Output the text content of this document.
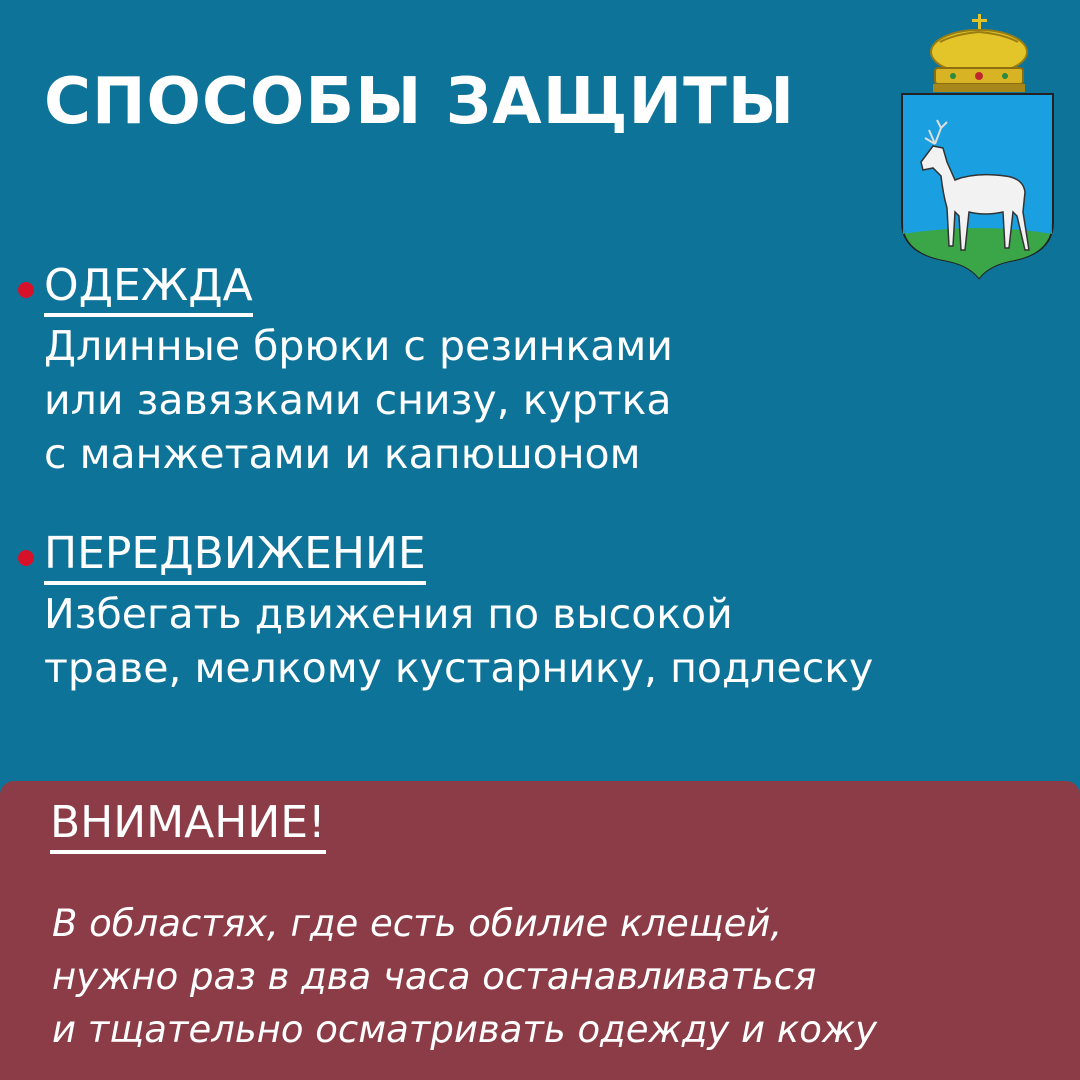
СПОСОБЫ ЗАЩИТЫ
ОДЕЖДА
Длинные брюки с резинками
или завязками снизу, куртка
с манжетами и капюшоном
ПЕРЕДВИЖЕНИЕ
Избегать движения по высокой
траве, мелкому кустарнику, подлеску
ВНИМАНИЕ!
В областях, где есть обилие клещей,
нужно раз в два часа останавливаться
и тщательно осматривать одежду и кожу
